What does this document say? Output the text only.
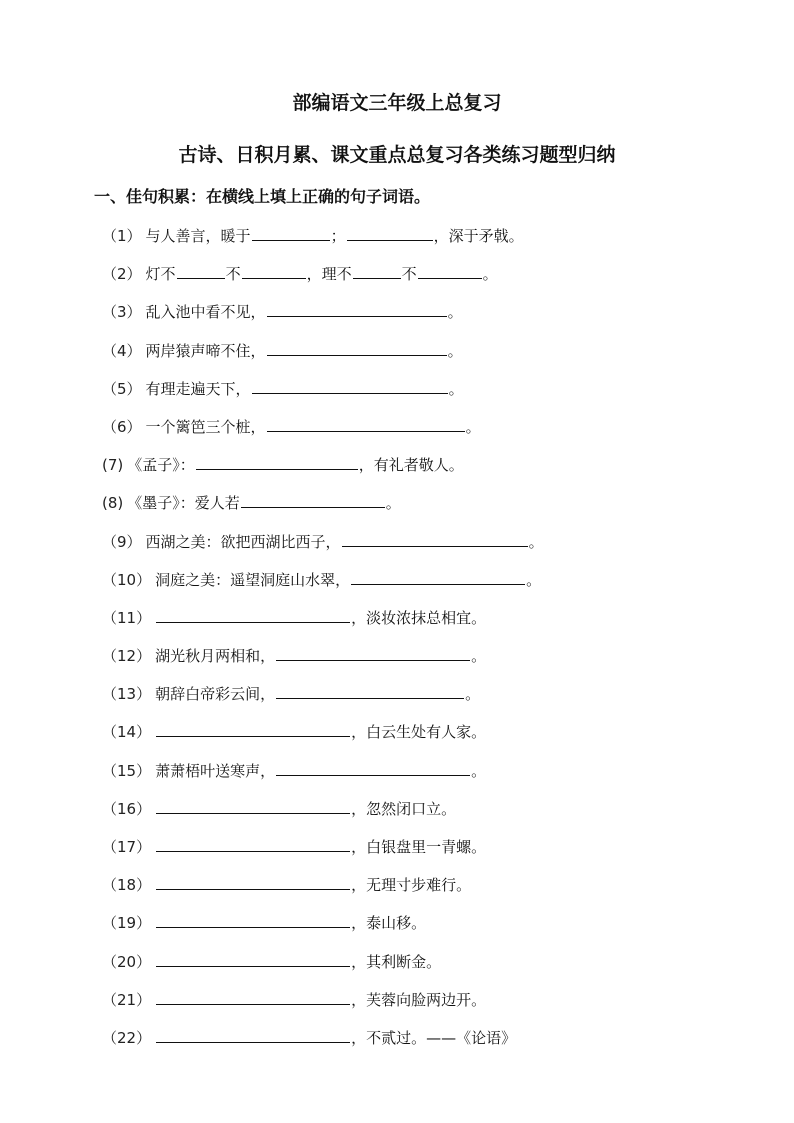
部编语文三年级上总复习
古诗、日积月累、课文重点总复习各类练习题型归纳
一、佳句积累：在横线上填上正确的句子词语。
（1） 与人善言，暖于	；	，深于矛戟。
（2） 灯不	不	，理不	不	。
（3） 乱入池中看不见，	。
（4） 两岸猿声啼不住，	。
（5） 有理走遍天下，	。
（6） 一个篱笆三个桩，	。
(7) 《孟子》：	，有礼者敬人。
(8) 《墨子》：爱人若	。
（9） 西湖之美：欲把西湖比西子，	。
（10） 洞庭之美：遥望洞庭山水翠，	。
（11）	，淡妆浓抹总相宜。
（12） 湖光秋月两相和，	。
（13） 朝辞白帝彩云间，	。
（14）	，白云生处有人家。
（15） 萧萧梧叶送寒声，	。
（16）	，忽然闭口立。
（17）	，白银盘里一青螺。
（18）	，无理寸步难行。
（19）	，泰山移。
（20）	，其利断金。
（21）	，芙蓉向脸两边开。
（22）	，不贰过。——《论语》
